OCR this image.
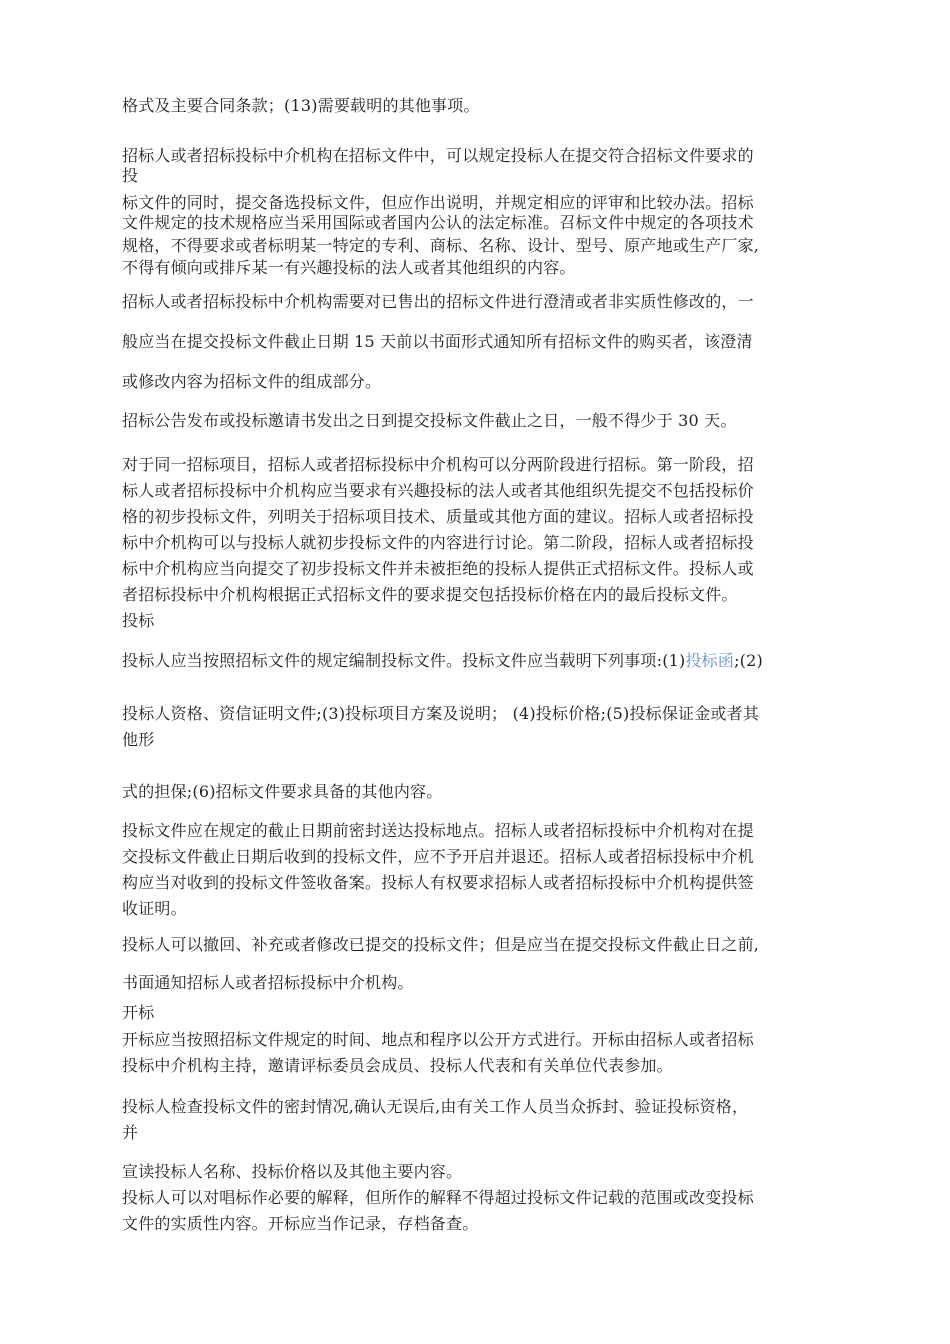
格式及主要合同条款；(13)需要载明的其他事项。
招标人或者招标投标中介机构在招标文件中，可以规定投标人在提交符合招标文件要求的
投
标文件的同时，提交备选投标文件，但应作出说明，并规定相应的评审和比较办法。招标
文件规定的技术规格应当采用国际或者国内公认的法定标准。召标文件中规定的各项技术
规格，不得要求或者标明某一特定的专利、商标、名称、设计、型号、原产地或生产厂家,
不得有倾向或排斥某一有兴趣投标的法人或者其他组织的内容。
招标人或者招标投标中介机构需要对已售出的招标文件进行澄清或者非实质性修改的，一
般应当在提交投标文件截止日期 15 天前以书面形式通知所有招标文件的购买者，该澄清
或修改内容为招标文件的组成部分。
招标公告发布或投标邀请书发出之日到提交投标文件截止之日，一般不得少于 30 天。
对于同一招标项目，招标人或者招标投标中介机构可以分两阶段进行招标。第一阶段，招
标人或者招标投标中介机构应当要求有兴趣投标的法人或者其他组织先提交不包括投标价
格的初步投标文件，列明关于招标项目技术、质量或其他方面的建议。招标人或者招标投
标中介机构可以与投标人就初步投标文件的内容进行讨论。第二阶段，招标人或者招标投
标中介机构应当向提交了初步投标文件并未被拒绝的投标人提供正式招标文件。投标人或
者招标投标中介机构根据正式招标文件的要求提交包括投标价格在内的最后投标文件。
投标
投标人应当按照招标文件的规定编制投标文件。投标文件应当载明下列事项:(1)投标函;(2)
投标人资格、资信证明文件;(3)投标项目方案及说明； (4)投标价格;(5)投标保证金或者其
他形
式的担保;(6)招标文件要求具备的其他内容。
投标文件应在规定的截止日期前密封送达投标地点。招标人或者招标投标中介机构对在提
交投标文件截止日期后收到的投标文件，应不予开启并退还。招标人或者招标投标中介机
构应当对收到的投标文件签收备案。投标人有权要求招标人或者招标投标中介机构提供签
收证明。
投标人可以撤回、补充或者修改已提交的投标文件；但是应当在提交投标文件截止日之前,
书面通知招标人或者招标投标中介机构。
开标
开标应当按照招标文件规定的时间、地点和程序以公开方式进行。开标由招标人或者招标
投标中介机构主持，邀请评标委员会成员、投标人代表和有关单位代表参加。
投标人检查投标文件的密封情况,确认无误后,由有关工作人员当众拆封、验证投标资格，
并
宣读投标人名称、投标价格以及其他主要内容。
投标人可以对唱标作必要的解释，但所作的解释不得超过投标文件记载的范围或改变投标
文件的实质性内容。开标应当作记录，存档备查。
